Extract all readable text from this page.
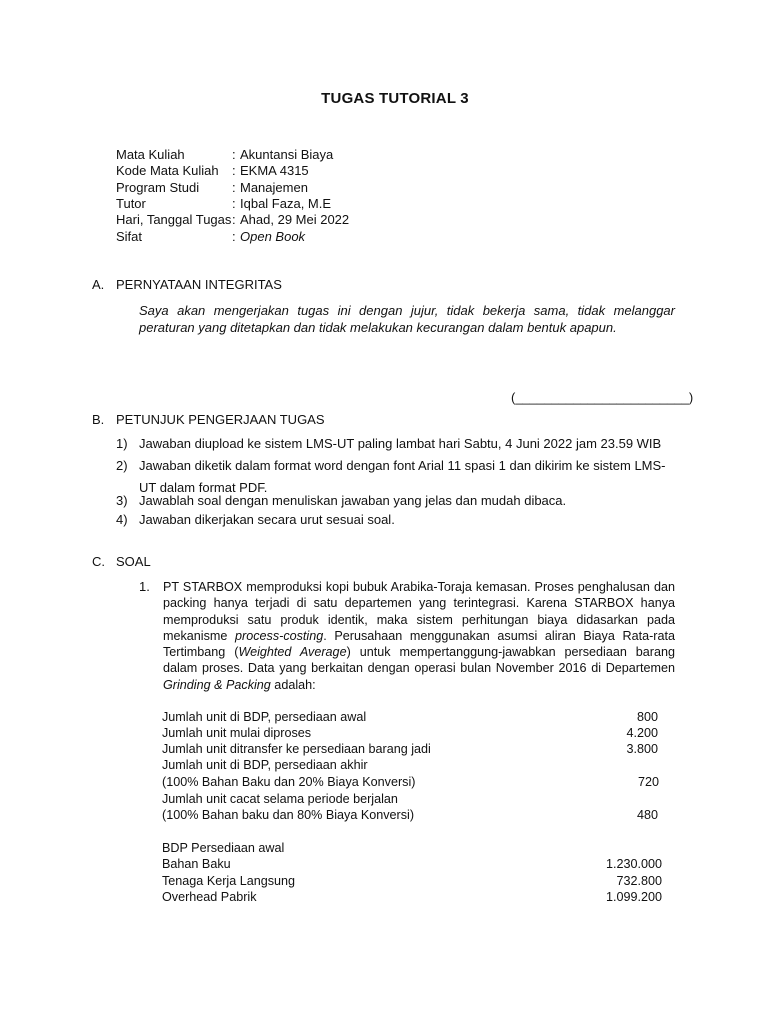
TUGAS TUTORIAL 3
Mata Kuliah	: Akuntansi Biaya
Kode Mata Kuliah	: EKMA 4315
Program Studi	: Manajemen
Tutor	: Iqbal Faza, M.E
Hari, Tanggal Tugas : Ahad, 29 Mei 2022
Sifat	: Open Book
A. PERNYATAAN INTEGRITAS
Saya akan mengerjakan tugas ini dengan jujur, tidak bekerja sama, tidak melanggar peraturan yang ditetapkan dan tidak melakukan kecurangan dalam bentuk apapun.
(________________________)
B. PETUNJUK PENGERJAAN TUGAS
1) Jawaban diupload ke sistem LMS-UT paling lambat hari Sabtu, 4 Juni 2022 jam 23.59 WIB
2) Jawaban diketik dalam format word dengan font Arial 11 spasi 1 dan dikirim ke sistem LMS-UT dalam format PDF.
3) Jawablah soal dengan menuliskan jawaban yang jelas dan mudah dibaca.
4) Jawaban dikerjakan secara urut sesuai soal.
C. SOAL
1. PT STARBOX memproduksi kopi bubuk Arabika-Toraja kemasan. Proses penghalusan dan packing hanya terjadi di satu departemen yang terintegrasi. Karena STARBOX hanya memproduksi satu produk identik, maka sistem perhitungan biaya didasarkan pada mekanisme process-costing. Perusahaan menggunakan asumsi aliran Biaya Rata-rata Tertimbang (Weighted Average) untuk mempertanggung-jawabkan persediaan barang dalam proses. Data yang berkaitan dengan operasi bulan November 2016 di Departemen Grinding & Packing adalah:
Jumlah unit di BDP, persediaan awal	800
Jumlah unit mulai diproses	4.200
Jumlah unit ditransfer ke persediaan barang jadi	3.800
Jumlah unit di BDP, persediaan akhir
(100% Bahan Baku dan 20% Biaya Konversi)	720
Jumlah unit cacat selama periode berjalan
(100% Bahan baku dan 80% Biaya Konversi)	480
BDP Persediaan awal
Bahan Baku	1.230.000
Tenaga Kerja Langsung	732.800
Overhead Pabrik	1.099.200
